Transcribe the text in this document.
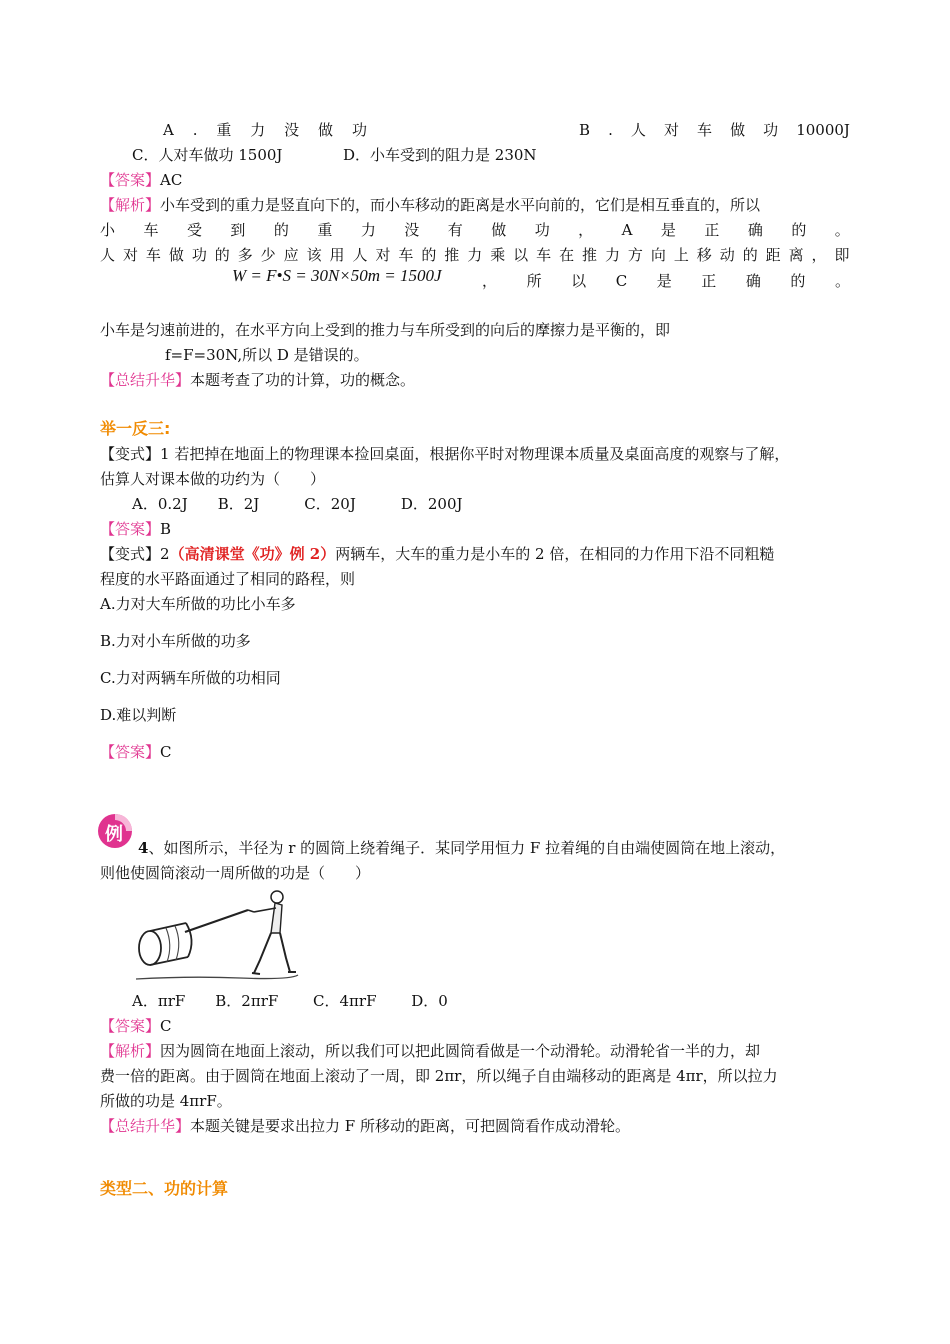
A . 重 力 没 做 功	B . 人 对 车 做 功 10000J
C．人对车做功 1500J	D．小车受到的阻力是 230N
【答案】AC
【解析】小车受到的重力是竖直向下的，而小车移动的距离是水平向前的，它们是相互垂直的，所以
小 车 受 到 的 重 力 没 有 做 功 ， A 是 正 确 的 。
人 对 车 做 功 的 多 少 应 该 用 人 对 车 的 推 力 乘 以 车 在 推 力 方 向 上 移 动 的 距 离 ， 即
W = F•S = 30N×50m = 1500J	， 所 以 C 是 正 确 的 。
小车是匀速前进的，在水平方向上受到的推力与车所受到的向后的摩擦力是平衡的，即
f=F=30N,所以 D 是错误的。
【总结升华】本题考查了功的计算，功的概念。
举一反三:
【变式】1 若把掉在地面上的物理课本捡回桌面，根据你平时对物理课本质量及桌面高度的观察与了解，
估算人对课本做的功约为（　　）
A．0.2J　　B．2J　　　C．20J　　　D．200J
【答案】B
【变式】2（高清课堂《功》例 2）两辆车，大车的重力是小车的 2 倍，在相同的力作用下沿不同粗糙
程度的水平路面通过了相同的路程，则
A.力对大车所做的功比小车多
B.力对小车所做的功多
C.力对两辆车所做的功相同
D.难以判断
【答案】C
例
4、如图所示，半径为 r 的圆筒上绕着绳子．某同学用恒力 F 拉着绳的自由端使圆筒在地上滚动，
则他使圆筒滚动一周所做的功是（　　）
A．πrF　　B．2πrF　　 C．4πrF　　 D．0
【答案】C
【解析】因为圆筒在地面上滚动，所以我们可以把此圆筒看做是一个动滑轮。动滑轮省一半的力，却
费一倍的距离。由于圆筒在地面上滚动了一周，即 2πr，所以绳子自由端移动的距离是 4πr，所以拉力
所做的功是 4πrF。
【总结升华】本题关键是要求出拉力 F 所移动的距离，可把圆筒看作成动滑轮。
类型二、功的计算
